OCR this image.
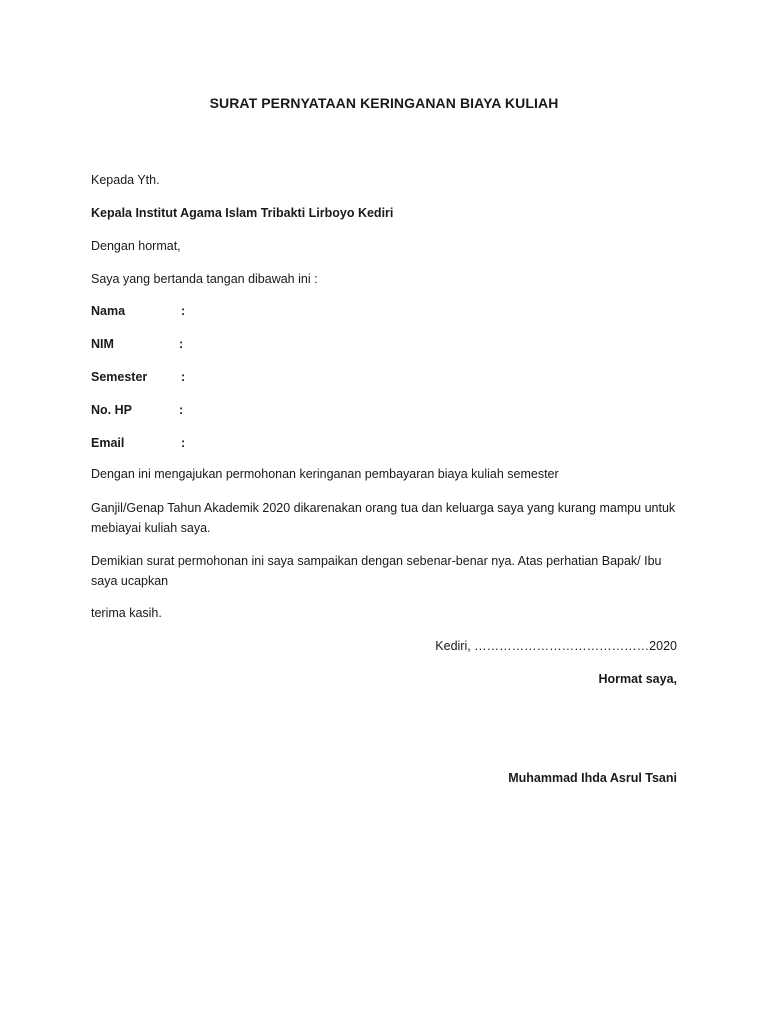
SURAT PERNYATAAN KERINGANAN BIAYA KULIAH
Kepada Yth.
Kepala Institut Agama Islam Tribakti Lirboyo Kediri
Dengan hormat,
Saya yang bertanda tangan dibawah ini :
Nama	:
NIM	:
Semester	:
No. HP	:
Email	:
Dengan ini mengajukan permohonan keringanan pembayaran biaya kuliah semester
Ganjil/Genap Tahun Akademik 2020 dikarenakan orang tua dan keluarga saya yang kurang mampu untuk mebiayai kuliah saya.
Demikian surat permohonan ini saya sampaikan dengan sebenar-benar nya. Atas perhatian Bapak/ Ibu saya ucapkan
terima kasih.
Kediri, ……………………………………2020
Hormat saya,
Muhammad Ihda Asrul Tsani
